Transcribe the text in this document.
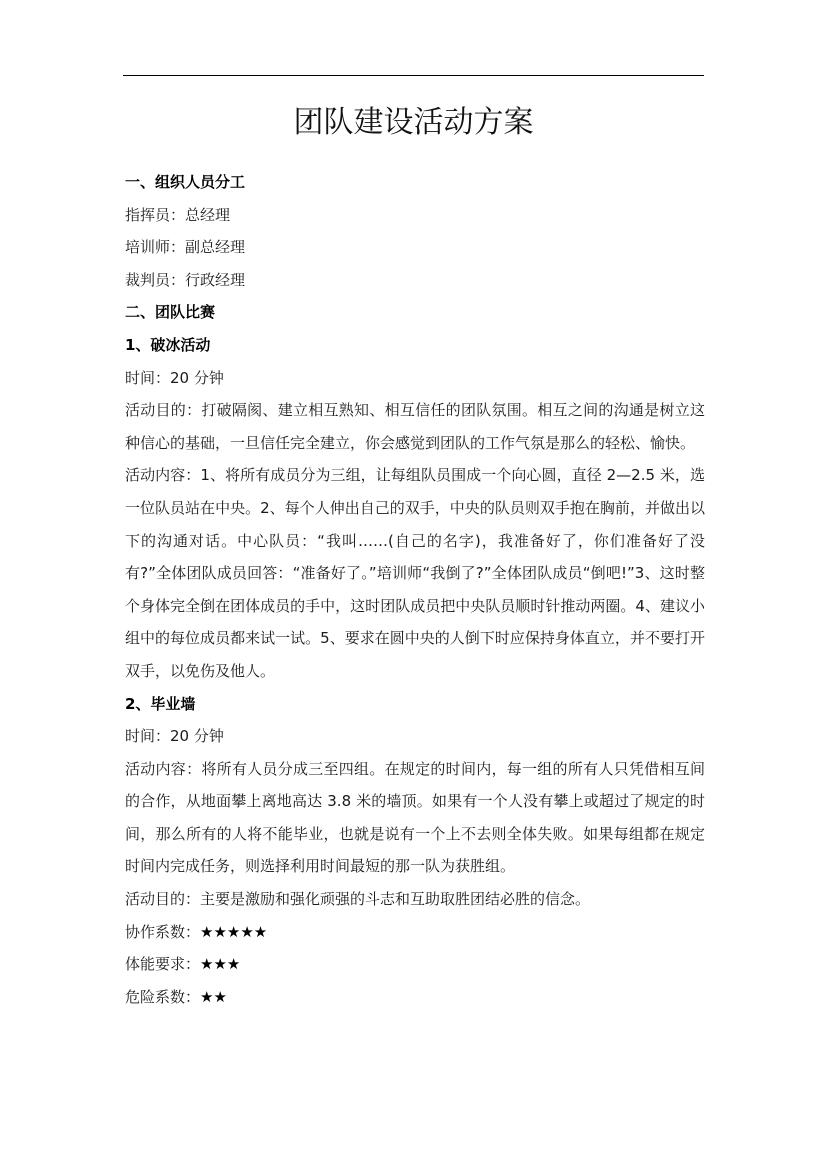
团队建设活动方案

一、组织人员分工

指挥员：总经理

培训师：副总经理

裁判员：行政经理

二、团队比赛

1、破冰活动

时间：20 分钟

活动目的：打破隔阂、建立相互熟知、相互信任的团队氛围。相互之间的沟通是树立这种信心的基础，一旦信任完全建立，你会感觉到团队的工作气氛是那么的轻松、愉快。

活动内容：1、将所有成员分为三组，让每组队员围成一个向心圆，直径 2—2.5 米，选一位队员站在中央。2、每个人伸出自己的双手，中央的队员则双手抱在胸前，并做出以下的沟通对话。中心队员：“我叫……(自己的名字)，我准备好了，你们准备好了没有?”全体团队成员回答：“准备好了。”培训师“我倒了?”全体团队成员“倒吧!”3、这时整个身体完全倒在团体成员的手中，这时团队成员把中央队员顺时针推动两圈。4、建议小组中的每位成员都来试一试。5、要求在圆中央的人倒下时应保持身体直立，并不要打开双手，以免伤及他人。

2、毕业墙

时间：20 分钟

活动内容：将所有人员分成三至四组。在规定的时间内，每一组的所有人只凭借相互间的合作，从地面攀上离地高达 3.8 米的墙顶。如果有一个人没有攀上或超过了规定的时间，那么所有的人将不能毕业，也就是说有一个上不去则全体失败。如果每组都在规定时间内完成任务，则选择利用时间最短的那一队为获胜组。

活动目的：主要是激励和强化顽强的斗志和互助取胜团结必胜的信念。

协作系数：★★★★★

体能要求：★★★

危险系数：★★
